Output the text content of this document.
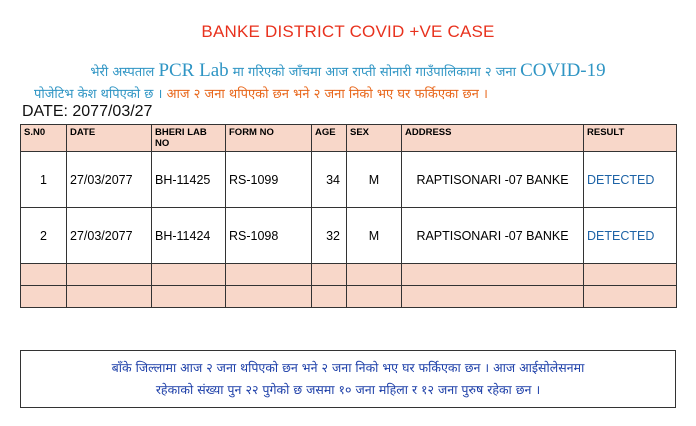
BANKE DISTRICT COVID +VE CASE
भेरी अस्पताल PCR Lab मा गरिएको जाँचमा आज राप्ती सोनारी गाउँपालिकामा २ जना COVID-19
पोजेटिभ केश थपिएको छ । आज २ जना थपिएको छन भने २ जना निको भए घर फर्किएका छन ।
DATE: 2077/03/27
S.N0	DATE	BHERI LAB NO	FORM NO	AGE	SEX	ADDRESS	RESULT
1	27/03/2077	BH-11425	RS-1099	34	M	RAPTISONARI -07 BANKE	DETECTED
2	27/03/2077	BH-11424	RS-1098	32	M	RAPTISONARI -07 BANKE	DETECTED

बाँके जिल्लामा आज २ जना थपिएको छन भने २ जना निको भए घर फर्किएका छन । आज आईसोलेसनमा
रहेकाको संख्या पुन २२ पुगेको छ जसमा १० जना महिला र १२ जना पुरुष रहेका छन ।
